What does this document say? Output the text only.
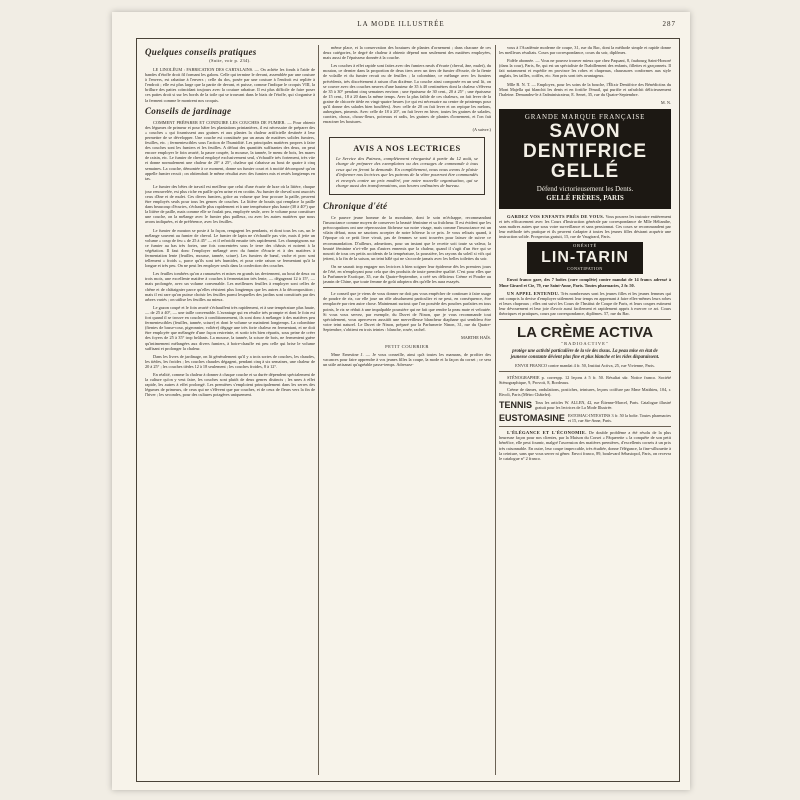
LA MODE ILLUSTRÉE	287
Quelques conseils pratiques
(Suite, voir p. 234).

LE LINOLÉUM : FABRICATION DES CARTALAINS. — On achète les fonds à l'aide de bandes d'étoffe droit fil formant les galons. Celle qui termine le devant, assemblée par une couture à l'envers, est rabattue à l'envers ; celle du dos, posée par une couture à l'endroit est repliée à l'endroit ; elle est plus large que la partie de devant, et puisse, comme l'indique le croquis VIII, la brillure des pattes coïncidant toujours avec la couture rabattue. Il est plus difficile de faire poser ces pattes droit si sur les bords de la toile qui se trouvant dans le biais de l'étoffe, qui s'organise à la ferment comme le montrent nos croquis.

Conseils de jardinage

COMMENT PRÉPARER ET CONDUIRE LES COUCHES DE FUMIER. — Pour obtenir des légumes de primeur et pour hâter les plantations printanières, il est nécessaire de préparer des « couches » qui fournissent aux graines et aux plantes la chaleur artificielle destinée à leur permettre de se développer. Une couche est constituée par un amas de matières solides fumiers, feuilles, etc. ; fermentescibles sous l'action de l'humidité. Les principales matières propres à faire des couches sont les fumiers et les feuilles. A défaut des quantités suffisantes des deux, on peut encore employer le foin avarié, la paure coupée, la mousse, la tannée, le menu de bois, les mares de raisin, etc. Le fumier de cheval employé exclusivement seul, s'échauffe très fortement, très vite et donne normalement une chaleur de 20° à 25°, chaleur qui s'abaisse au bout de quatre à cinq semaines. La couche, démontée à ce moment, donne un fumier court et à moitié décomposé qu'on appelle fumier recuit ; on obtiendrait le même résultat avec des fumiers mis et restés longtemps en tas.

Le fumier des bêtes de travail est meilleur que celui d'une écurie de luxe où la litière, chaque jour renouvelée, est plus riche en paille qu'en urine et en crottin. Au fumier de cheval sont associés ceux d'âne et de mulet. Ces divers fumiers, grâce au volume que leur procure la paille, peuvent être employés seuls pour tous les genres de couches. La litière de boutis qui remplace la paille dans beaucoup d'écuries, s'échauffe plus rapidement et à une température plus haute (30 à 40°) que la litière de paille, mais comme elle se foulait peu, employée seule, avec le volume pour constituer une couche, on la mélange avec le fumier plus pailleux, ou avec les autres matières que nous avons indiquées, et de préférence, avec les feuilles.

Le fumier de mouton se poste à la façon, rengagent les pendants, et dont tous les cas, un le mélange souvent au fumier de cheval. Le fumier de lapin ne s'échauffe pas vite, mais il jette un volume « coup de feu » de 25 à 45° — et il refroidit ensuite très rapidement. Les champignons sur ce fumier au bas très fortes, une fois concentrées sous le terre des châssis et noirent à la végétation. Il faut donc l'employer mélangé avec du fumier d'écurie et à des matières à fermentation lente (feuilles, mousse, tannée, sciure). Les fumiers de bœuf, vache et porc sont tellement « froids », parce qu'ils sont très humides, et pour cette raison se fermentant qu'à la longue et très peu. On ne peut les employer seuls dans la confection des couches.

Les feuilles tombées qu'on a ramassées et mises en grands tas deviennent, au bout de deux ou trois mois, une excellente matière à couches à fermentation très lente, — dégageant 12 à 15°, — mais prolongée, avec un volume convenable. Les meilleures feuilles à employer sont celles de chêne et de châtaignier parce qu'elles résistent plus longtemps que les autres à la décomposition ; mais il est rare qu'on puisse choisir les feuilles parmi lesquelles des jardins sont constitués par des arbres variés ; on utilise les feuilles au mieux.

Le gazon coupé et le foin avarié s'échauffent très rapidement, et à une température plus haute, — de 25 à 40°, — une taille convenable. L'avantage qui en résulte très prompte et dont le foin est fort quand il se trouve en couches à conditionnement, ils sont donc à mélanger à des matières peu fermentescibles (feuilles, tannée, sciure) et dont le volume se maintient longtemps. La colombine (fientes de basse-cour, pigeonnier, volière) dégage une très forte chaleur en fermentant, et ne doit être employée que mélangée d'une façon restreinte, et sortir très bien répartis, sous peine de créer des foyers de 25 à 35° trop brûlants. La mousse, la tannée, la sciure de bois, ne fermentent guère qu'intimement mélangées aux divers fumiers, à boire-chauffe est peu celle qui brise le volume suffisant et prolonger la chaleur.

Dans les livres de jardinage, on lit généralement qu'il y a trois sortes de couches, les chaudes, les tièdes, les froides ; les couches chaudes dégagent, pendant cinq à six semaines, une chaleur de 20 à 25° ; les couches tièdes 12 à 18 seulement ; les couches froides, 8 à 12°.

En réalité, comme la chaleur à donner à chaque couche et sa durée dépendent spécialement de la culture qu'on y veut faire, les couches sont plutôt de deux genres distincts ; les unes à effet rapide, les autres à effet prolongé. Les premières s'emploient principalement dans les serres des légumes de primeurs, de ceux qui ne s'élèvent que par couches, et de ceux de fleurs vers la fin de l'hiver ; les secondes, pour des cultures potagères uniquement.

même place, et la conservation des boutures de plantes d'ornement ; dans chacune de ces deux catégories, le degré de chaleur à obtenir dépend non seulement des matières employées, mais aussi de l'épaisseur donnée à la couche.

Les couches à effet rapide sont faites avec des fumiers neufs d'écurie (cheval, âne, mulet), du mouton, ce dernier dans la proportion de deux tiers avec un tiers de fumier d'écurie, de la fiente de volaille et du fumier recuit ou de feuilles ; la colombine, ce mélange avec les fumiers précédents, très discrètement à raison d'un dixième. La couche ainsi composée en un seul lit, on se couvre avec des couches neuves d'une hauteur de 35 à 40 centimètres dont la chaleur s'élèvera de 35 à 30° pendant cinq semaines environ ; une épaisseur de 30 cent., 20 à 25° ; une épaisseur de 15 cent., 18 à 20 dans la même temps. Avec la plus faible de ces chaleurs, on fait lever de la graine de chicorée tiède en vingt-quatre heures (ce qui est nécessaire au centre de printemps pour qu'il donne des salades bien bouffées). Avec celle de 20 on fait lever et on repique les melons, aubergines, piments. Avec celle de 18 à 20°, on fait lever en hiver, toutes les graines de salades, carottes, choux, choux-fleurs, poireaux et radis, les graines de plantes d'ornement, et l'on fait enraciner les boutures.

(A suivre.)
AVIS A NOS LECTRICES
Le Service des Patrons, complètement réorganisé à partir du 12 août, se charge de préparer des exemplaires ou des corsages de commande à tous ceux qui en feront la demande. En complétement, nous nous avons le plaisir d'informer nos lectrices que les patrons de la vôtre pourront être commandés et envoyés contre un prix modéré, par notre nouvelle organisation, qui se charge aussi des transformations, aux heures ordinaires de bureau.
Chronique d'été

Ce pauvre jeune homme de la mondaine, dont le soin m'échappe, recommandant l'insouciance comme moyen de conserver la beauté féminine et sa fraîcheur. Il est évident que les préoccupations ont une répercussion fâcheuse sur notre visage, mais comme l'insouciance est un vilain défaut, nous ne saurions accepter de notre hôtesse la ce prix. Je vous relisais quand, à l'époque où ce petit livre vivait, pas de femmes se sont trouvées pour laisser de suivre ce recommandation. D'ailleurs, admettons, pour un instant que le recette soit toute sa valeur, la beauté féminine n'a-t-elle pas d'autres ennemis que la chaleur, quand il s'agit d'un être qui se nourrit de tous ces petits accidents de la température, la poussière, les rayons du soleil si vifs qui jettent, à la fin de la saison, un teint hâlé qui ne s'accorde jamais avec les belles toilettes du soir.

On ne saurait trop engager nos lectrices à bien soigner leur épiderme dès les premiers jours de l'été, en n'employant pour cela que des produits de toute première qualité. C'est pour elles que la Parfumerie Exotique, 35, rue du Quatre-Septembre, a créé ses délicieux Crème et Poudre au jasmin de Chine, que toute femme de goût adoptera dès qu'elle les aura essayés.

Le conseil que je viens de vous donner ne doit pas vous empêcher de continuer à faire usage de poudre de riz, car elle joue un rôle absolument particulier et ne peut, en conséquence, être remplacée par rien autre chose. Maintenant surtout que l'on possède des poudres parfaites en tous points, le riz se réduit à une impalpable poussière qui ne fait que rendre la peau mate et veloutée. Si vous vous servez, par exemple, du Duvet de Ninon, que je vous recommande tout spécialement, vous apercevrez aussitôt une merveilleuse blancheur diaphane qui semblera être votre teint naturel. Le Duvet de Ninon, préparé par la Parfumerie Ninon, 31, rue du Quatre-Septembre, s'obtient en trois teintes : blanche, rosée, rachel.

MARTHE HAÏS.
PETIT COURRIER

Mme Ernestine J. — Je vous conseille, ainsi qu'à toutes les mamans, de profiter des vacances pour faire apprendre à vos jeunes filles la coupe, la mode et la façon du corset ; ce sera un utile artisanat qu'agréable passe-temps. Adressez-

vous à l'Académie moderne de coupe, 31, rue du Bac, dont la méthode simple et rapide donne les meilleurs résultats. Cours par correspondance, cours du soir, diplômes.

Fidèle abonnée. — Vous ne pouvez trouver mieux que chez Paquant, 8, faubourg Saint-Honoré (dans la cour), Paris, 8e, qui est un spécialiste de l'habillement des enfants, fillettes et garçonnets. Il fait notamment et expédie en province les robes et chapeaux, chaussures conformes aux style anglais, les tailles, coiffes, etc. Son prix sont très avantageux.

Mlle B. N. T. — Employez, pour les soins de la bouche, l'Élixir Dentifrice des Bénédictins du Mont Majella qui blanchit les dents et en fortifie l'émail, qui purifie et rafraîchit délicieusement l'haleine. Demandez-le à l'administrateur, E. Senet, 35, rue du Quatre-Septembre.

M. N.
GRANDE MARQUE FRANÇAISE
SAVON
DENTIFRICE
GELLÉ
Défend victorieusement les Dents.
GELLÉ FRÈRES, PARIS

GARDEZ VOS ENFANTS PRÈS DE VOUS. Vous pourrez les instruire entièrement et très efficacement avec les Cours d'Instruction générale par correspondance de Mlle Hélianthe, sans maîtres autres que sous votre surveillance et sans pensionnat. Ces cours se recommandent par leur méthode très pratique et ils peuvent s'adapter à toutes les jeunes filles désirant acquérir une instruction solide. Prospectus gratuit, 15, rue de Vaugirard, Paris.

OBÉSITÉ
LIN-TARIN
CONSTIPATION

Envoi franco gare, des 7 boîtes (cure complète) contre mandat de 14 francs adressé à Mme Girard et Cie, 79, rue Saint-Anne, Paris. Toutes pharmacies, 2 fr. 50.

UN APPEL ENTENDU. Très nombreuses sont les jeunes filles et les jeunes femmes qui ont compris la devise d'employer utilement leur temps en apprenant à faire elles-mêmes leurs robes et leurs chapeaux ; elles ont suivi les Cours de l'Institut de Coupe de Paris, et leurs coupes estiment leur dévouement et leur joie d'avoir aussi facilement et rapidement appris à exercer ce art. Cours théoriques et pratiques, cours par correspondance, diplômes. 57, rue du Bac.

LA CRÈME ACTIVA
"RADIOACTIVE"
protège une activité particulière de la vie des tissus. La peau mise en état de jeunesse constante dévient plus fine et plus blanche et les rides disparaissent.

ENVOI FRANCO contre mandat 4 fr. 50, Institut Activa, 25, rue Vivienne, Paris.

STÉNOGRAPHIE p. correspp. 12 leçons à 5 fr. 50. Résultat sûr. Notice franco. Société Sténographique, 9, Provoit, 8, Bordeaux.

Crème de dames, ondulations, postiches, teintures, leçons coiffure par Mme Matthieu, 104, r. Rivoli, Paris (Métro Châtelet).

TENNIS Tous les articles W. ALLEN, 42, rue Étienne-Marcel, Paris. Catalogue illustré gratuit pour les lectrices de La Mode Illustrée.
EUSTOMASINE ESTOMAC-INTESTINS 3 fr. 50 la boîte. Toutes pharmacies et 15, rue Ste-Anne, Paris.

L'ÉLÉGANCE ET L'ÉCONOMIE. De double problème a été résolu de la plus heureuse façon pour nos clientes, par la Maison du Corset « Pâquerette » la conquête de son petit bénéfice, elle peut fournir, malgré l'ascension des matières premières, d'excellents corsets à un prix très raisonnable. En outre, leur coupe impeccable, très étudiée, donne l'élégance, la fine-silhouette à la ceinture, sans que vous serrer ni gêner. Envoi franco, 89, boulevard Sébastopol, Paris, on recevra le catalogue n° 2 franco.
